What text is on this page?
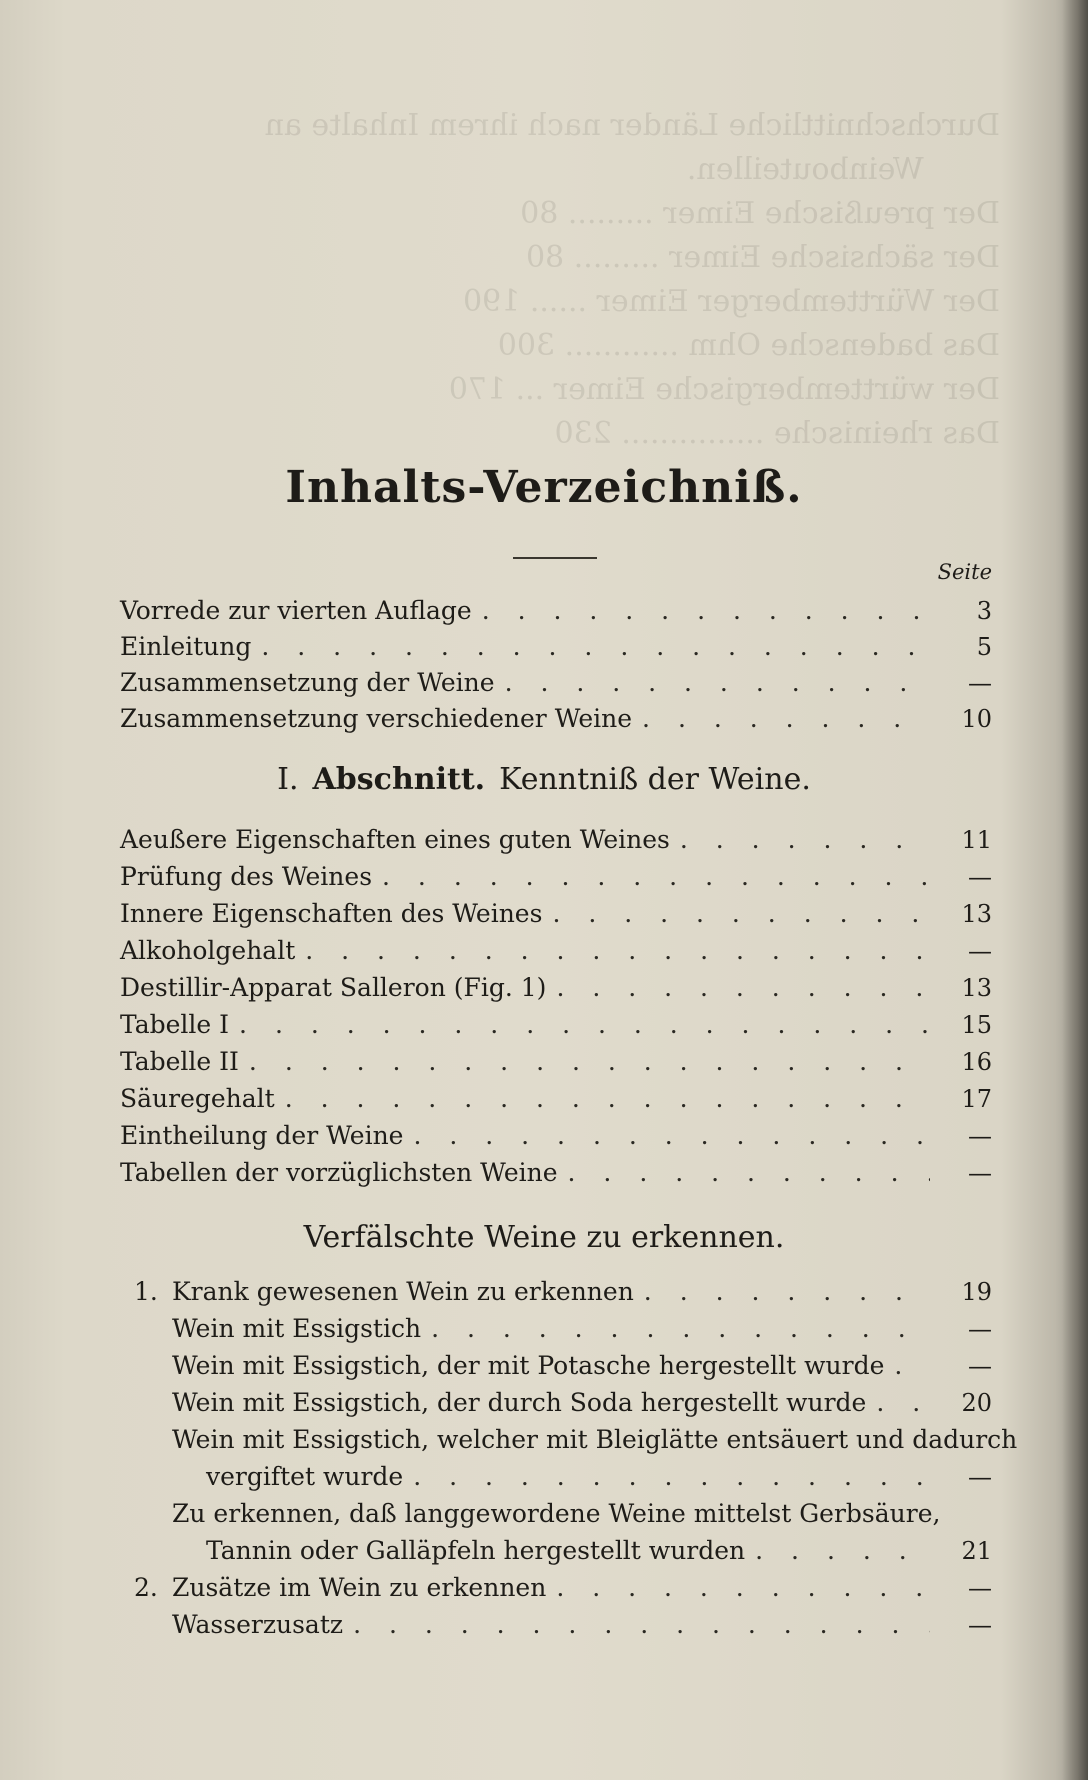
Durchschnittliche Länder nach ihrem Inhalte an
Weinbouteillen.
Der preußische Eimer ......... 80
Der sächsische Eimer ......... 80
Der Württemberger Eimer ...... 190
Das badensche Ohm ............ 300
Der württembergische Eimer ... 170
Das rheinische ............... 230

Inhalts-Verzeichniß.
Seite
Vorrede zur vierten Auflage . . .	3
Einleitung . . .	5
Zusammensetzung der Weine . . .	—
Zusammensetzung verschiedener Weine . . .	10
I. Abschnitt. Kenntniß der Weine.
Aeußere Eigenschaften eines guten Weines . . .	11
Prüfung des Weines . . .	—
Innere Eigenschaften des Weines . . .	13
Alkoholgehalt . . .	—
Destillir-Apparat Salleron (Fig. 1) . . .	13
Tabelle I . . .	15
Tabelle II . . .	16
Säuregehalt . . .	17
Eintheilung der Weine . . .	—
Tabellen der vorzüglichsten Weine . . .	—
Verfälschte Weine zu erkennen.
1. Krank gewesenen Wein zu erkennen . . .	19
Wein mit Essigstich . . .	—
Wein mit Essigstich, der mit Potasche hergestellt wurde . . .	—
Wein mit Essigstich, der durch Soda hergestellt wurde . . .	20
Wein mit Essigstich, welcher mit Bleiglätte entsäuert und dadurch
vergiftet wurde . . .	—
Zu erkennen, daß langgewordene Weine mittelst Gerbsäure,
Tannin oder Galläpfeln hergestellt wurden . . .	21
2. Zusätze im Wein zu erkennen . . .	—
Wasserzusatz . . .	—
